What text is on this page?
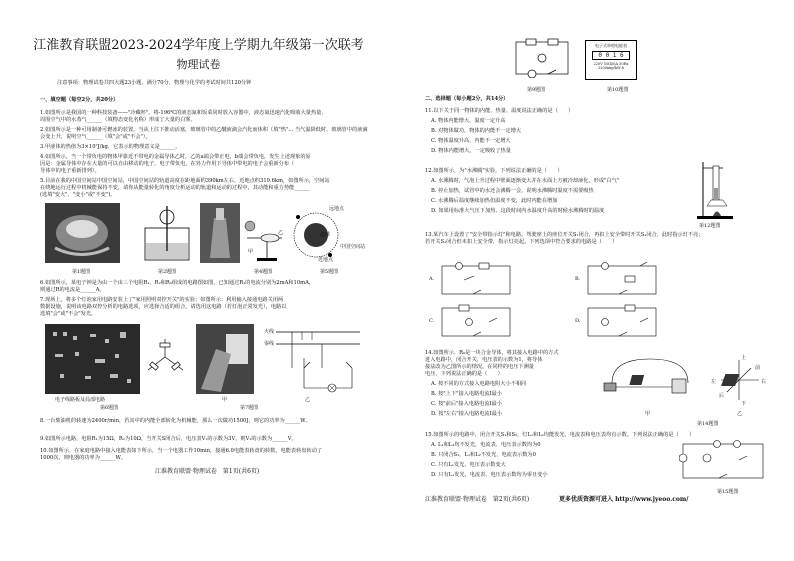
江淮教育联盟2023-2024学年度上学期九年级第一次联考
物理试卷
注意事项：物理试卷共四大题23小题，满分70分，物理与化学的考试时间共120分钟
一、填空题（每空2分，共20分）
1.如图所示是我国的一种科技装备——"冷藏杯"。将-196℃的液态氮和饭菜同时放入容器中，液态氮迅速汽化吸收大量热量，
周围空气中的水蒸气______（填物态变化名称）形成了大量的白雾。
2.如图所示是一种可用制备可燃冰的装置，当从上往下推动活塞，玻璃管中的乙醚液滴会汽化而体积（填"热"... 当气温降低时，玻璃管中的液滴
会变上升，说明空气______（填"会"或"不会"）。
3.甲液体的热值为3×10⁷J/kg，它表示的物理意义是______。
4.如图所示，当一个带负电的物体甲靠近不带电的金属导体乙时，乙的a端会带正电，b端会带负电，发生上述现象的原
因是：金属导体中存在大量的可以自由移动的电子，电子带负电，在外力作用下导体中带电的电子会重新分布（
导体中的电子重新排列）。
5.目前在我的中国空间站中国空间站，中国空间站的轨道高度在距地面约390km左右，近地点约319.6km，如图所示，空间站
在绕地运行过程中机械能保持不变，请你从能量转化的角度分析运动的轨道和运动的过程中，其动能和重力势能______
(选填"变大"、"变小"或"不变")。
甲
乙
远地点
地球
中国空间站
近地点
第1题图	第2题图	第4题图	第5题图
6.如图所示，某电子钟是为由一个由三个电阻R₁、R₂和R₃组成的电路图如图，已知通过R₁的电流分别为2mA和10mA，
则通过R的电流是______A。
7.现场上，将多个灯泡家用电路安装上了"家用照明双控开关"的实验；如图所示：利用输入接通电路关闭两
数据设施，说明该电路双控分析的电路选项，应选择合适的组合，请选用这电路（若灯泡正常发光），电路以
选填"会"或"不会"发光。
火线
零线
甲	乙
电子线路板及局部电路
第6题图	第7题图
8.一台柴油机的转速为2400r/min，若其中的内能全部转化为机械能，那么一次做功1500J，则它的功率为______W。
9.如图所示电路，电阻R₁为15Ω，R₂为10Ω，当开关S闭合后，电压表V₁的示数为3V，则V₂的示数为______V。
10.如图所示，在家庭电路中接入电能表如下所示，当一个电器工作10min，接通6.0电能表转盘的转数，电能表转盘转动了
1000次，则电器的功率为______W。
江淮教育联盟·物理试卷　第1页(共6页)
电子式单相电能表
0 0 1 6
220V 10(40)A 50Hz
3200imp/kW·h
第9题图	第10题图
二、选择题（每小题2分，共14分）
11.以下关于同一物体的内能、热量、温度说法正确的是（　　）
A. 物体内能增大，温度一定升高
B. 对物体做功，物体的内能不一定增大
C. 物体温度升高，内能不一定增大
D. 物体内能增大，一定吸收了热量
12.如图所示，为"水沸腾"实验，下列说法正确的是（　　）
A. 水沸腾时，气泡上升过程中壁面逐渐变大并在水面上方被冷却液化，形成"白气"
B. 停止加热，试管中的水还会沸腾一会，说明水沸腾时温度不需要吸热
C. 水沸腾后温度继续加热但温度不变，此时内能在增加
D. 如果用标准大气压下加热，这段时间内水温度升高的时候水沸腾时的温度
第12题图
13.某汽车上设置了"安全带指示灯"和电路。驾驶座上的座位开关S₁闭合，再扣上安全带时开关S₂闭合，此时指示灯不亮；
若开关S₁闭合但未扣上安全带，指示灯亮起。下列选项中符合要求的电路是（　　）
A.	B.
C.	D.
14.如图所示，R₀是一块合金导体，将其接入电路中的方式
进入电路中，闭合开关，电压表的示数为1，将导体
接法改为乙图所示的情况，在同样的电压下测量
电压，下列说法正确的是（　　）
A. 按不同的方式接入电路电阻大小不相同
B. 按"上下"接入电路电流I最小
C. 按"前后"接入电路电流I最小
D. 按"左右"接入电路电流I最小
上
右
左
下
前
后
甲	乙
第14题图
15.如图所示的电路中，闭合开关S₁和S₂，灯L₁和L₂均能发光，电流表和电压表均有示数。下列说法正确的是（　　）
A. L₁和L₂均不发光，电流表、电压表示数均为0
B. 只闭合S₁，L₁和L₂不发光，电流表示数为0
C. 只有L₁发光，电压表示数变大
D. 只有L₁发光，电流表、电压表示数均为零且变小
第15题图
江淮教育联盟·物理试卷　第2页(共6页)	更多优质资源可进入 http://www.jyeoo.com/
